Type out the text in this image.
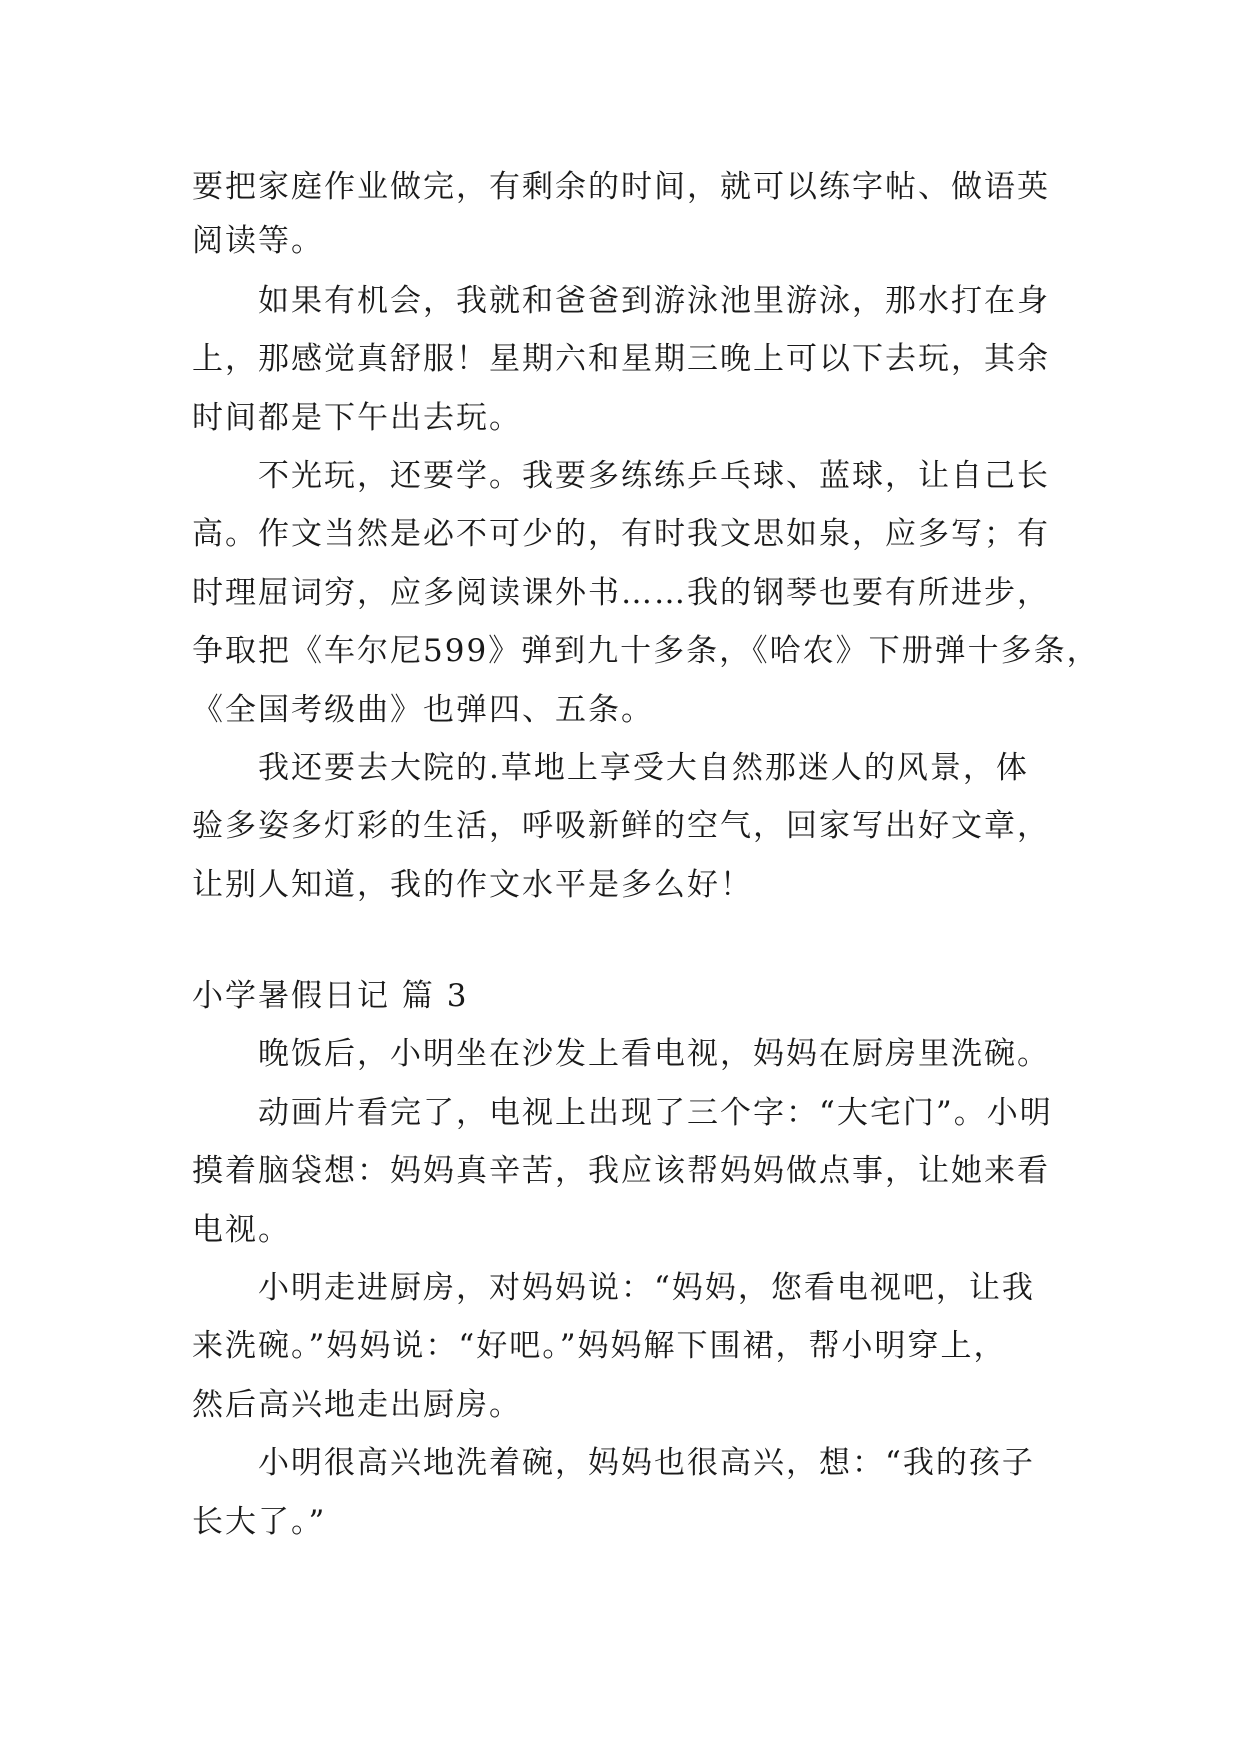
要把家庭作业做完，有剩余的时间，就可以练字帖、做语英
阅读等。
如果有机会，我就和爸爸到游泳池里游泳，那水打在身
上，那感觉真舒服！星期六和星期三晚上可以下去玩，其余
时间都是下午出去玩。
不光玩，还要学。我要多练练乒乓球、蓝球，让自己长
高。作文当然是必不可少的，有时我文思如泉，应多写；有
时理屈词穷，应多阅读课外书……我的钢琴也要有所进步，
争取把《车尔尼599》弹到九十多条，《哈农》下册弹十多条，
《全国考级曲》也弹四、五条。
我还要去大院的.草地上享受大自然那迷人的风景，体
验多姿多灯彩的生活，呼吸新鲜的空气，回家写出好文章，
让别人知道，我的作文水平是多么好！
小学暑假日记 篇 3
晚饭后，小明坐在沙发上看电视，妈妈在厨房里洗碗。
动画片看完了，电视上出现了三个字：“大宅门”。小明
摸着脑袋想：妈妈真辛苦，我应该帮妈妈做点事，让她来看
电视。
小明走进厨房，对妈妈说：“妈妈，您看电视吧，让我
来洗碗。”妈妈说：“好吧。”妈妈解下围裙，帮小明穿上，
然后高兴地走出厨房。
小明很高兴地洗着碗，妈妈也很高兴，想：“我的孩子
长大了。”
